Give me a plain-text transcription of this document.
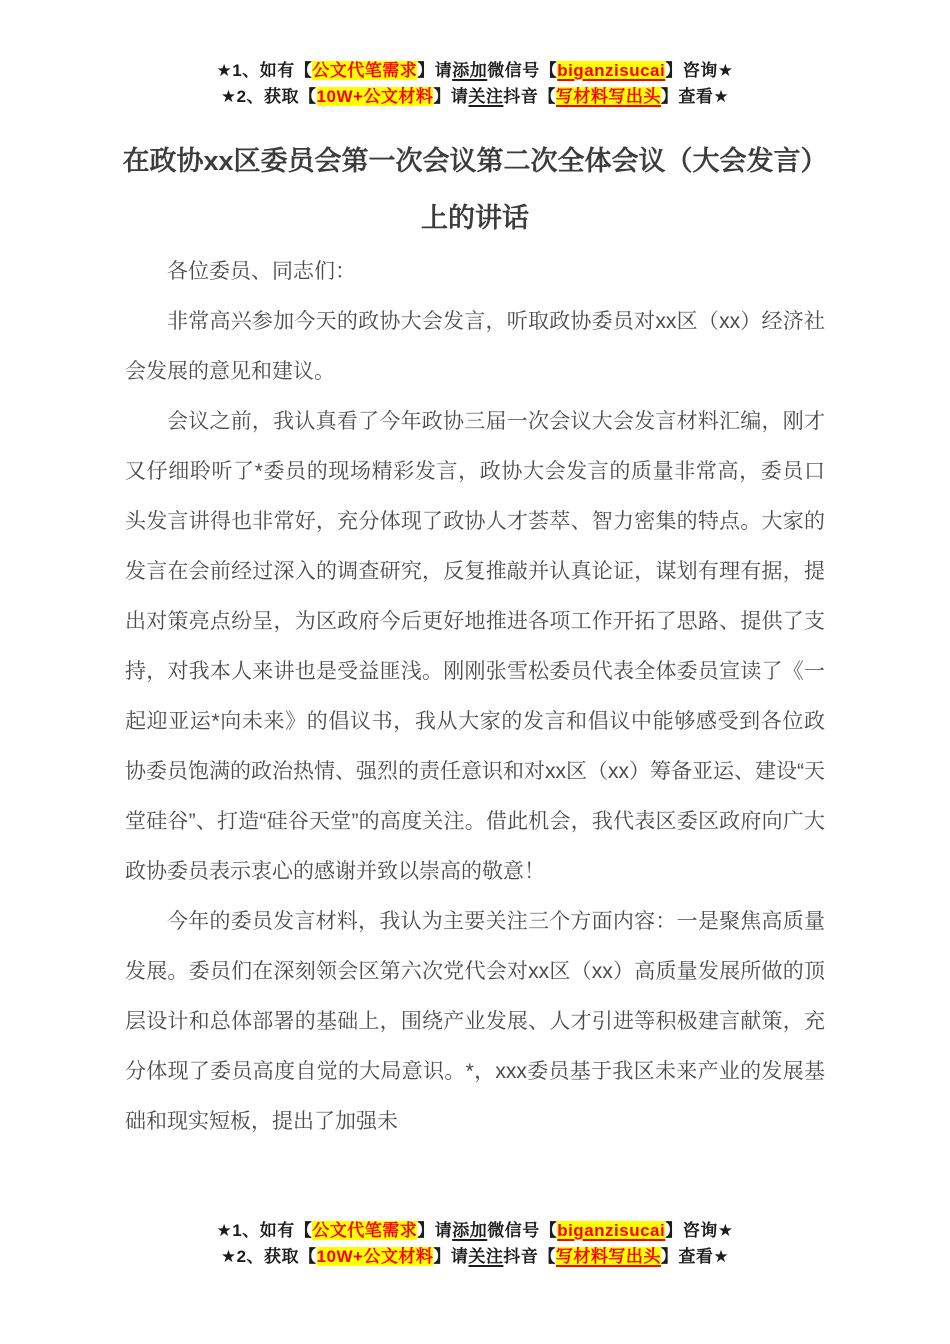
★1、如有【公文代笔需求】请添加微信号【biganzisucai】咨询★
★2、获取【10W+公文材料】请关注抖音【写材料写出头】查看★
在政协xx区委员会第一次会议第二次全体会议（大会发言）上的讲话

各位委员、同志们：

非常高兴参加今天的政协大会发言，听取政协委员对xx区（xx）经济社会发展的意见和建议。

会议之前，我认真看了今年政协三届一次会议大会发言材料汇编，刚才又仔细聆听了*委员的现场精彩发言，政协大会发言的质量非常高，委员口头发言讲得也非常好，充分体现了政协人才荟萃、智力密集的特点。大家的发言在会前经过深入的调查研究，反复推敲并认真论证，谋划有理有据，提出对策亮点纷呈，为区政府今后更好地推进各项工作开拓了思路、提供了支持，对我本人来讲也是受益匪浅。刚刚张雪松委员代表全体委员宣读了《一起迎亚运*向未来》的倡议书，我从大家的发言和倡议中能够感受到各位政协委员饱满的政治热情、强烈的责任意识和对xx区（xx）筹备亚运、建设“天堂硅谷”、打造“硅谷天堂”的高度关注。借此机会，我代表区委区政府向广大政协委员表示衷心的感谢并致以崇高的敬意！

今年的委员发言材料，我认为主要关注三个方面内容：一是聚焦高质量发展。委员们在深刻领会区第六次党代会对xx区（xx）高质量发展所做的顶层设计和总体部署的基础上，围绕产业发展、人才引进等积极建言献策，充分体现了委员高度自觉的大局意识。*，xxx委员基于我区未来产业的发展基础和现实短板，提出了加强未

★1、如有【公文代笔需求】请添加微信号【biganzisucai】咨询★
★2、获取【10W+公文材料】请关注抖音【写材料写出头】查看★
